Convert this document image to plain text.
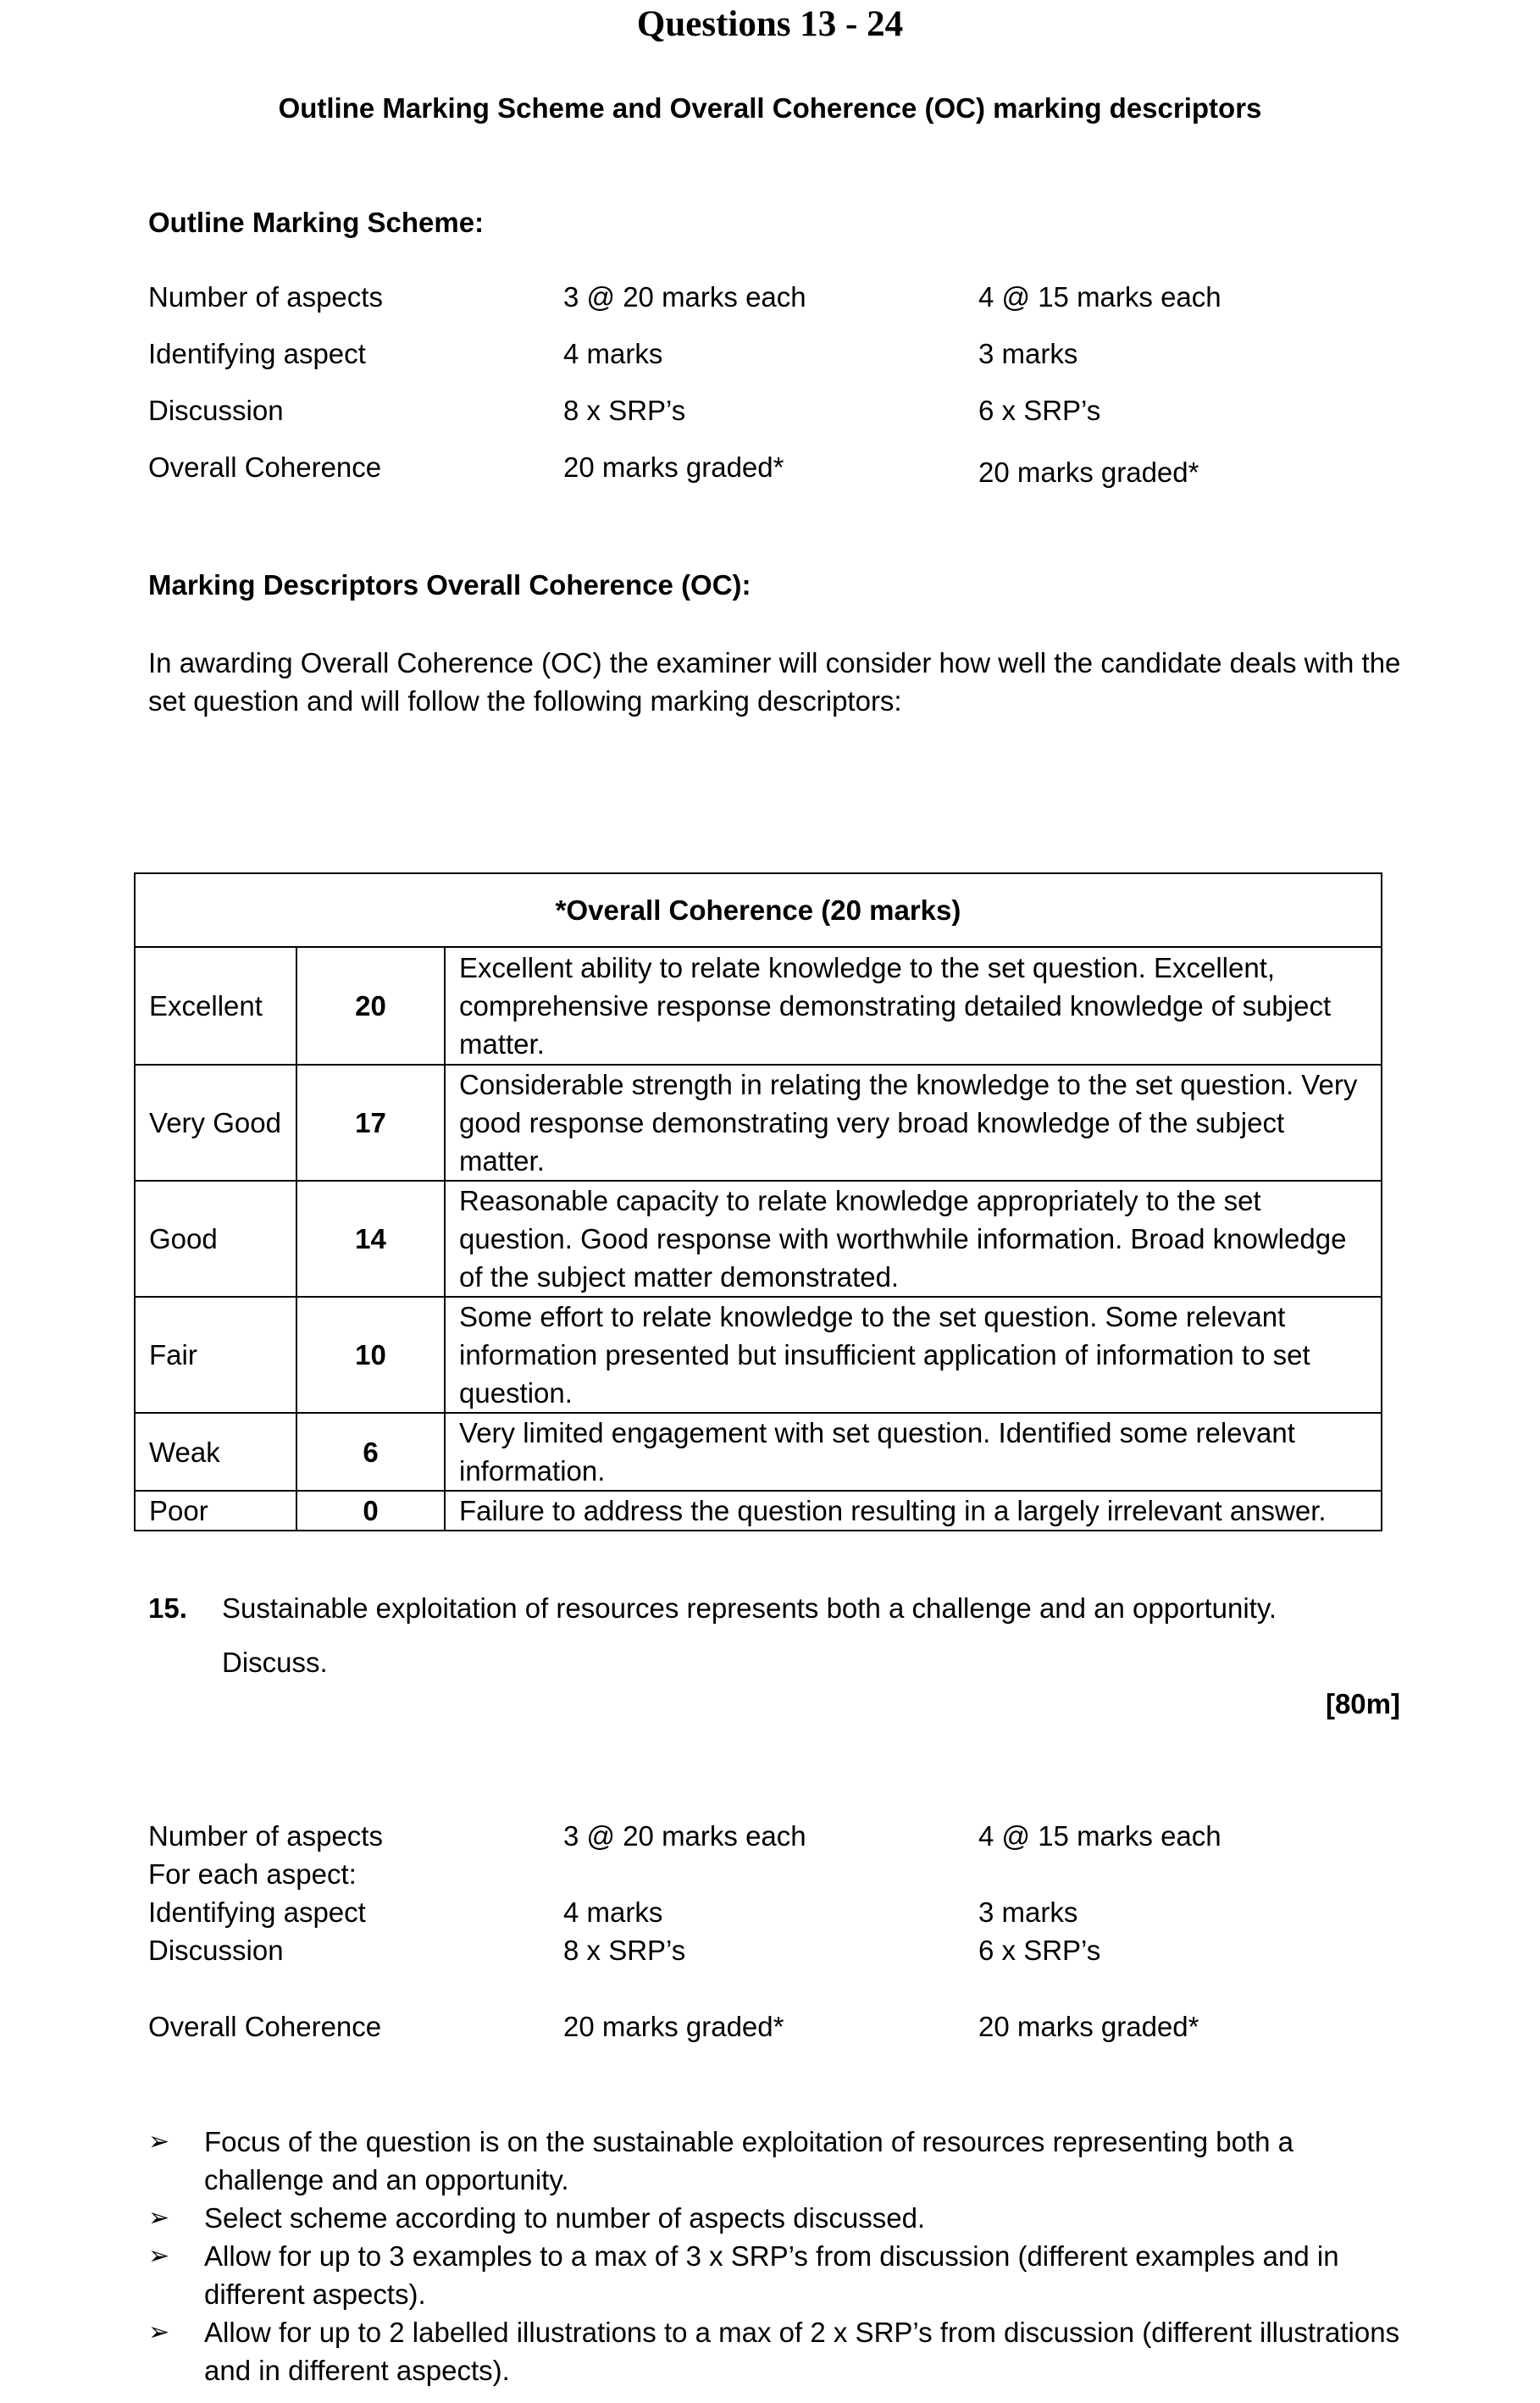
Questions 13 - 24
Outline Marking Scheme and Overall Coherence (OC) marking descriptors
Outline Marking Scheme:
Number of aspects	3 @ 20 marks each	4 @ 15 marks each
Identifying aspect	4 marks	3 marks
Discussion	8 x SRP’s	6 x SRP’s
Overall Coherence	20 marks graded*	20 marks graded*
Marking Descriptors Overall Coherence (OC):
In awarding Overall Coherence (OC) the examiner will consider how well the candidate deals with the set question and will follow the following marking descriptors:
*Overall Coherence (20 marks)		
Excellent	20	Excellent ability to relate knowledge to the set question. Excellent, comprehensive response demonstrating detailed knowledge of subject matter.
Very Good	17	Considerable strength in relating the knowledge to the set question. Very good response demonstrating very broad knowledge of the subject matter.
Good	14	Reasonable capacity to relate knowledge appropriately to the set question. Good response with worthwhile information. Broad knowledge of the subject matter demonstrated.
Fair	10	Some effort to relate knowledge to the set question. Some relevant information presented but insufficient application of information to set question.
Weak	6	Very limited engagement with set question. Identified some relevant information.
Poor	0	Failure to address the question resulting in a largely irrelevant answer.
15. Sustainable exploitation of resources represents both a challenge and an opportunity.
Discuss.
[80m]
Number of aspects	3 @ 20 marks each	4 @ 15 marks each
For each aspect:
Identifying aspect	4 marks	3 marks
Discussion	8 x SRP’s	6 x SRP’s
Overall Coherence	20 marks graded*	20 marks graded*
➢ Focus of the question is on the sustainable exploitation of resources representing both a challenge and an opportunity.
➢ Select scheme according to number of aspects discussed.
➢ Allow for up to 3 examples to a max of 3 x SRP’s from discussion (different examples and in different aspects).
➢ Allow for up to 2 labelled illustrations to a max of 2 x SRP’s from discussion (different illustrations and in different aspects).
